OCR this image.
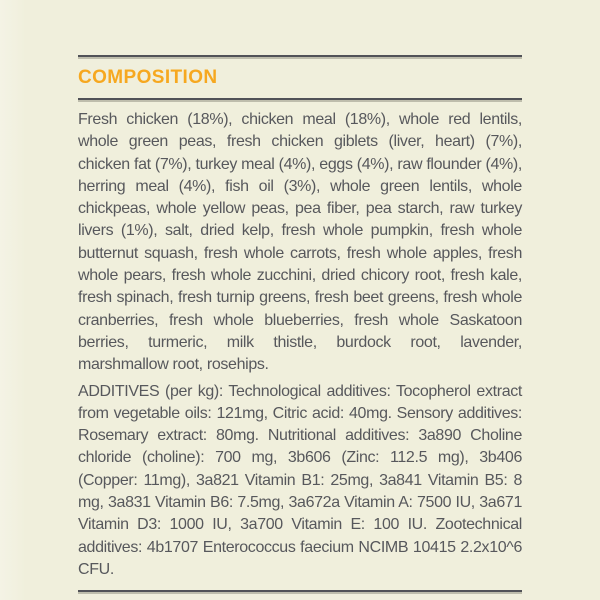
COMPOSITION

Fresh chicken (18%), chicken meal (18%), whole red lentils, whole green peas, fresh chicken giblets (liver, heart) (7%), chicken fat (7%), turkey meal (4%), eggs (4%), raw flounder (4%), herring meal (4%), fish oil (3%), whole green lentils, whole chickpeas, whole yellow peas, pea fiber, pea starch, raw turkey livers (1%), salt, dried kelp, fresh whole pumpkin, fresh whole butternut squash, fresh whole carrots, fresh whole apples, fresh whole pears, fresh whole zucchini, dried chicory root, fresh kale, fresh spinach, fresh turnip greens, fresh beet greens, fresh whole cranberries, fresh whole blueberries, fresh whole Saskatoon berries, turmeric, milk thistle, burdock root, lavender, marshmallow root, rosehips.

ADDITIVES (per kg): Technological additives: Tocopherol extract from vegetable oils: 121mg, Citric acid: 40mg. Sensory additives: Rosemary extract: 80mg. Nutritional additives: 3a890 Choline chloride (choline): 700 mg, 3b606 (Zinc: 112.5 mg), 3b406 (Copper: 11mg), 3a821 Vitamin B1: 25mg, 3a841 Vitamin B5: 8 mg, 3a831 Vitamin B6: 7.5mg, 3a672a Vitamin A: 7500 IU, 3a671 Vitamin D3: 1000 IU, 3a700 Vitamin E: 100 IU. Zootechnical additives: 4b1707 Enterococcus faecium NCIMB 10415 2.2x10^6 CFU.
